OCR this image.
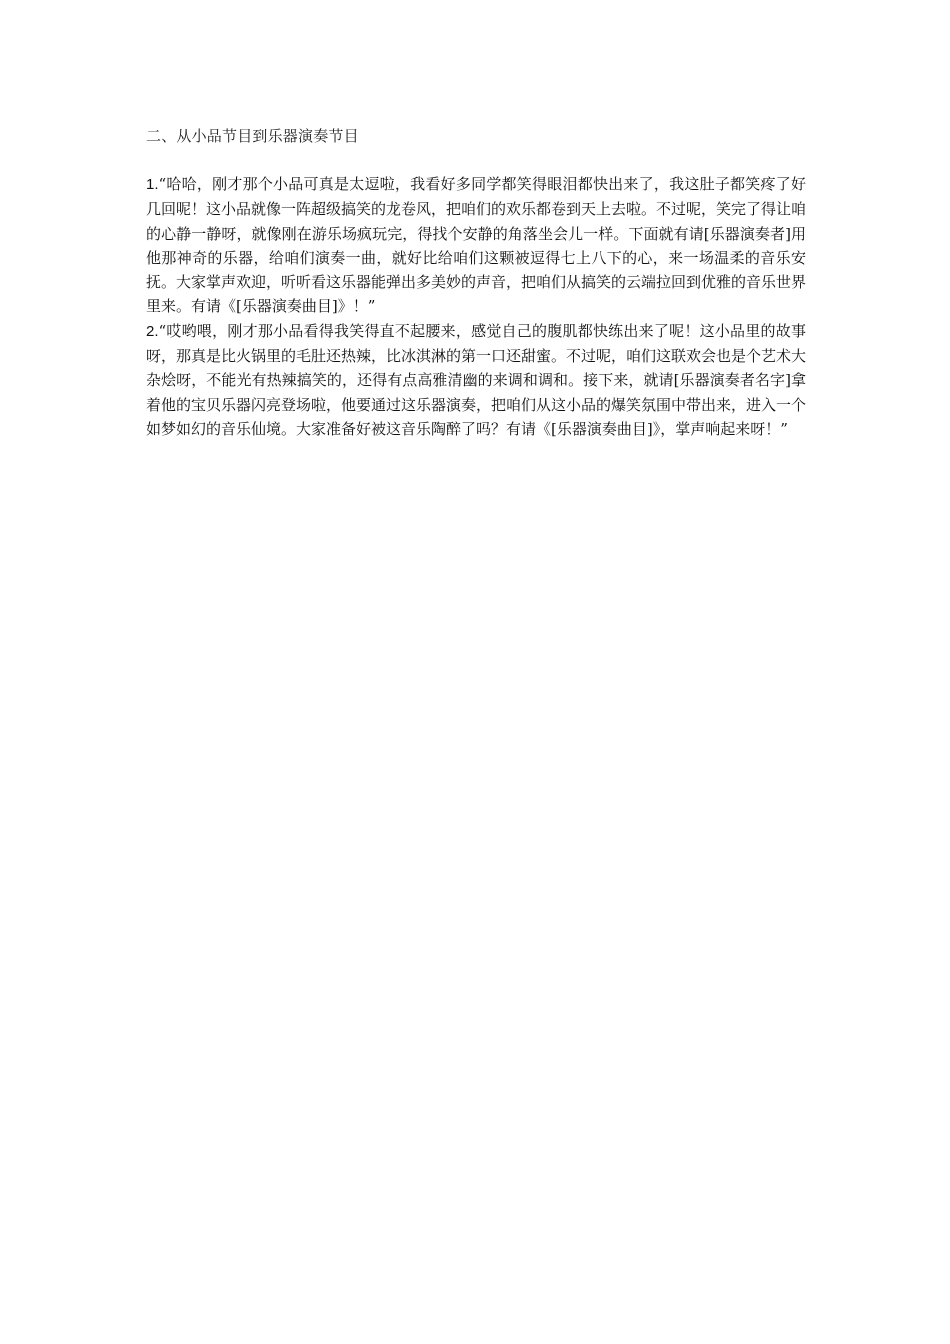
二、从小品节目到乐器演奏节目

1.“哈哈，刚才那个小品可真是太逗啦，我看好多同学都笑得眼泪都快出来了，我这肚子都笑疼了好几回呢！这小品就像一阵超级搞笑的龙卷风，把咱们的欢乐都卷到天上去啦。不过呢，笑完了得让咱的心静一静呀，就像刚在游乐场疯玩完，得找个安静的角落坐会儿一样。下面就有请[乐器演奏者]用他那神奇的乐器，给咱们演奏一曲，就好比给咱们这颗被逗得七上八下的心，来一场温柔的音乐安抚。大家掌声欢迎，听听看这乐器能弹出多美妙的声音，把咱们从搞笑的云端拉回到优雅的音乐世界里来。有请《[乐器演奏曲目]》！”

2.“哎哟喂，刚才那小品看得我笑得直不起腰来，感觉自己的腹肌都快练出来了呢！这小品里的故事呀，那真是比火锅里的毛肚还热辣，比冰淇淋的第一口还甜蜜。不过呢，咱们这联欢会也是个艺术大杂烩呀，不能光有热辣搞笑的，还得有点高雅清幽的来调和调和。接下来，就请[乐器演奏者名字]拿着他的宝贝乐器闪亮登场啦，他要通过这乐器演奏，把咱们从这小品的爆笑氛围中带出来，进入一个如梦如幻的音乐仙境。大家准备好被这音乐陶醉了吗？有请《[乐器演奏曲目]》，掌声响起来呀！”
